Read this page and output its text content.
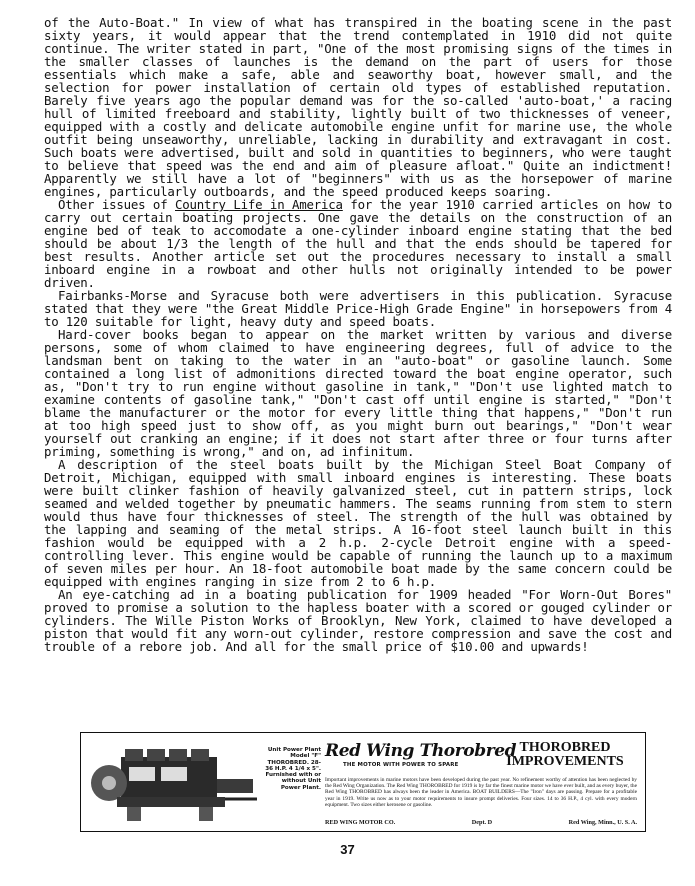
of the Auto-Boat." In view of what has transpired in the boating scene in the past sixty years, it would appear that the trend contemplated in 1910 did not quite continue. The writer stated in part, "One of the most promising signs of the times in the smaller classes of launches is the demand on the part of users for those essentials which make a safe, able and seaworthy boat, however small, and the selection for power installation of certain old types of established reputation. Barely five years ago the popular demand was for the so-called 'auto-boat,' a racing hull of limited freeboard and stability, lightly built of two thicknesses of veneer, equipped with a costly and delicate automobile engine unfit for marine use, the whole outfit being unseaworthy, unreliable, lacking in durability and extravagant in cost. Such boats were advertised, built and sold in quantities to beginners, who were taught to believe that speed was the end and aim of pleasure afloat." Quite an indictment! Apparently we still have a lot of "beginners" with us as the horsepower of marine engines, particularly outboards, and the speed produced keeps soaring.

Other issues of Country Life in America for the year 1910 carried articles on how to carry out certain boating projects. One gave the details on the construction of an engine bed of teak to accomodate a one-cylinder inboard engine stating that the bed should be about 1/3 the length of the hull and that the ends should be tapered for best results. Another article set out the procedures necessary to install a small inboard engine in a rowboat and other hulls not originally intended to be power driven.

Fairbanks-Morse and Syracuse both were advertisers in this publication. Syracuse stated that they were "the Great Middle Price-High Grade Engine" in horsepowers from 4 to 120 suitable for light, heavy duty and speed boats.

Hard-cover books began to appear on the market written by various and diverse persons, some of whom claimed to have engineering degrees, full of advice to the landsman bent on taking to the water in an "auto-boat" or gasoline launch. Some contained a long list of admonitions directed toward the boat engine operator, such as, "Don't try to run engine without gasoline in tank," "Don't use lighted match to examine contents of gasoline tank," "Don't cast off until engine is started," "Don't blame the manufacturer or the motor for every little thing that happens," "Don't run at too high speed just to show off, as you might burn out bearings," "Don't wear yourself out cranking an engine; if it does not start after three or four turns after priming, something is wrong," and on, ad infinitum.

A description of the steel boats built by the Michigan Steel Boat Company of Detroit, Michigan, equipped with small inboard engines is interesting. These boats were built clinker fashion of heavily galvanized steel, cut in pattern strips, lock seamed and welded together by pneumatic hammers. The seams running from stem to stern would thus have four thicknesses of steel. The strength of the hull was obtained by the lapping and seaming of the metal strips. A 16-foot steel launch built in this fashion would be equipped with a 2 h.p. 2-cycle Detroit engine with a speed-controlling lever. This engine would be capable of running the launch up to a maximum of seven miles per hour. An 18-foot automobile boat made by the same concern could be equipped with engines ranging in size from 2 to 6 h.p.

An eye-catching ad in a boating publication for 1909 headed "For Worn-Out Bores" proved to promise a solution to the hapless boater with a scored or gouged cylinder or cylinders. The Wille Piston Works of Brooklyn, New York, claimed to have developed a piston that would fit any worn-out cylinder, restore compression and save the cost and trouble of a rebore job. And all for the small price of $10.00 and upwards!

Unit Power Plant Model "F" THOROBRED. 28-36 H.P. 4 1/4 x 5". Furnished with or without Unit Power Plant.
Red Wing Thorobred
THE MOTOR WITH POWER TO SPARE
THOROBRED IMPROVEMENTS
Important improvements in marine motors have been developed during the past year. No refinement worthy of attention has been neglected by the Red Wing Organization. The Red Wing THOROBRED for 1919 is by far the finest marine motor we have ever built, and as every buyer, the Red Wing THOROBRED has always been the leader in America. BOAT BUILDERS—The "Iron" days are passing. Prepare for a profitable year in 1919. Write us now as to your motor requirements to insure prompt deliveries. Four sizes. 14 to 36 H.P., 4 cyl. with every modern equipment. Two sizes either kerosene or gasoline.
RED WING MOTOR CO.	Dept. D	Red Wing, Minn., U. S. A.
37
